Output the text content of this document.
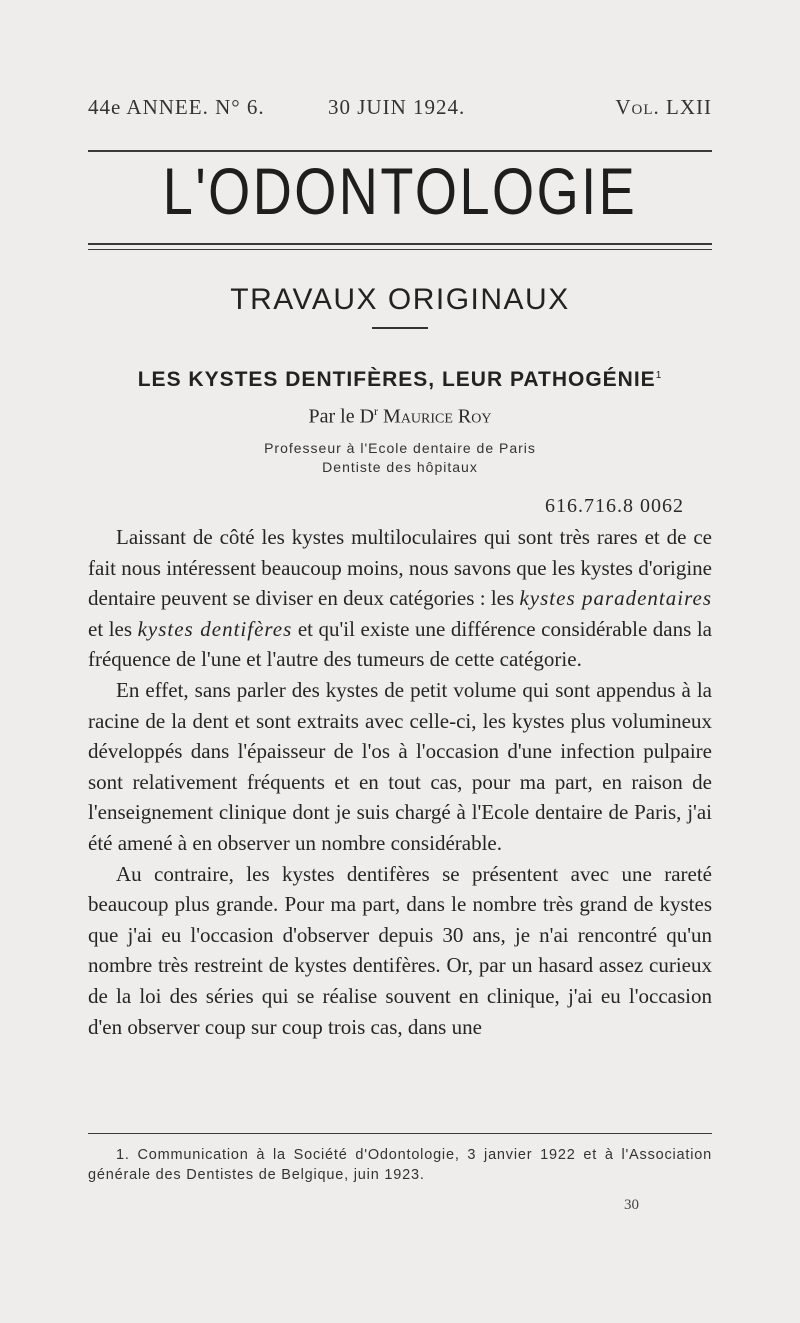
44e ANNEE. N° 6.	30 JUIN 1924.	Vol. LXII
L'ODONTOLOGIE
TRAVAUX ORIGINAUX
LES KYSTES DENTIFÈRES, LEUR PATHOGÉNIE$^1$
Par le $D^r$ Maurice Roy
Professeur à l'Ecole dentaire de Paris
Dentiste des hôpitaux
616.716.8 0062

Laissant de côté les kystes multiloculaires qui sont très rares et de ce fait nous intéressent beaucoup moins, nous savons que les kystes d'origine dentaire peuvent se diviser en deux catégories : les kystes paradentaires et les kystes dentifères et qu'il existe une différence considérable dans la fréquence de l'une et l'autre des tumeurs de cette catégorie.

En effet, sans parler des kystes de petit volume qui sont appendus à la racine de la dent et sont extraits avec celle-ci, les kystes plus volumineux développés dans l'épaisseur de l'os à l'occasion d'une infection pulpaire sont relativement fréquents et en tout cas, pour ma part, en raison de l'enseignement clinique dont je suis chargé à l'Ecole dentaire de Paris, j'ai été amené à en observer un nombre considérable.

Au contraire, les kystes dentifères se présentent avec une rareté beaucoup plus grande. Pour ma part, dans le nombre très grand de kystes que j'ai eu l'occasion d'observer depuis 30 ans, je n'ai rencontré qu'un nombre très restreint de kystes dentifères. Or, par un hasard assez curieux de la loi des séries qui se réalise souvent en clinique, j'ai eu l'occasion d'en observer coup sur coup trois cas, dans une

1. Communication à la Société d'Odontologie, 3 janvier 1922 et à l'Association générale des Dentistes de Belgique, juin 1923.
30
